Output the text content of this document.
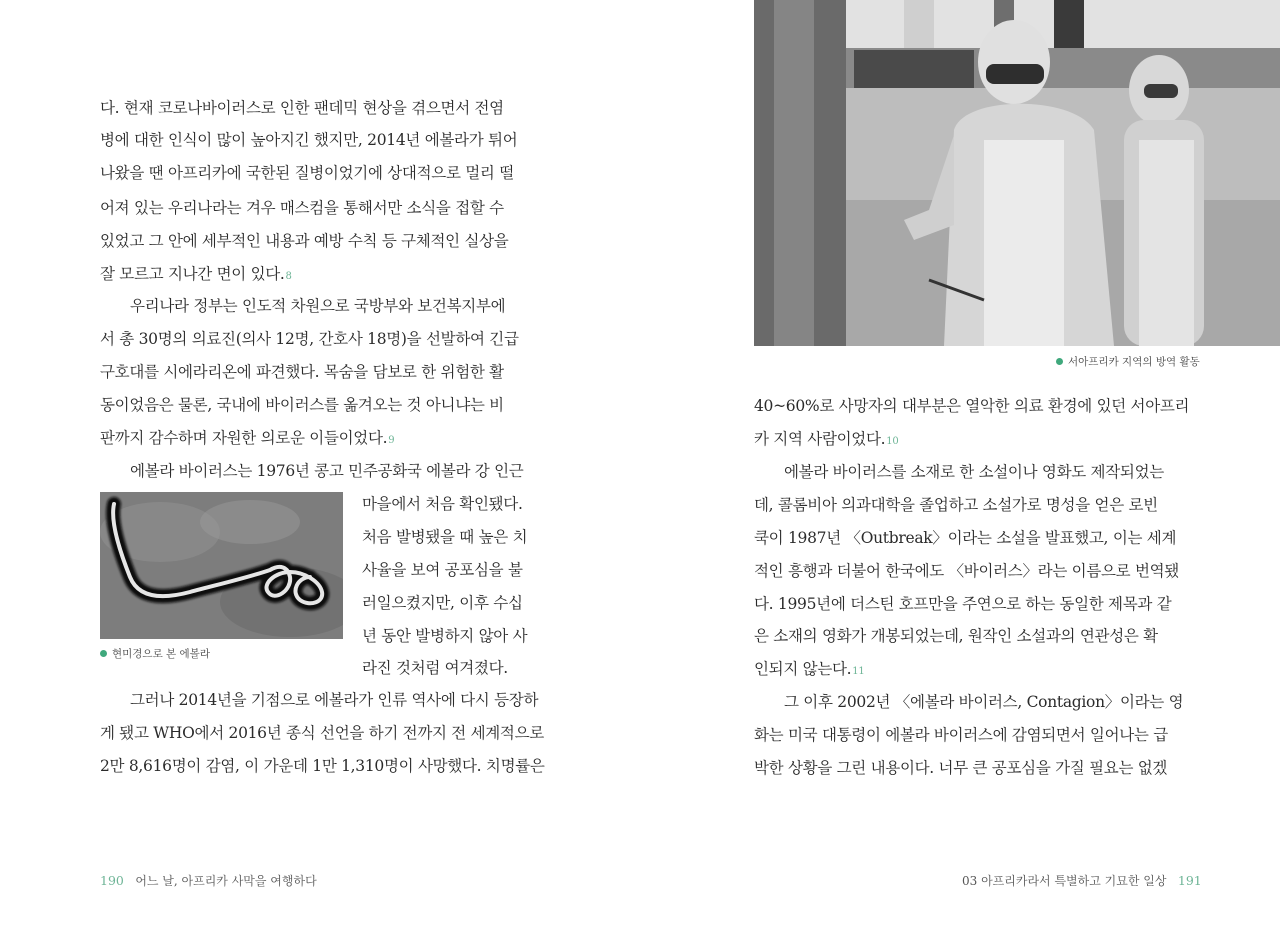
다. 현재 코로나바이러스로 인한 팬데믹 현상을 겪으면서 전염
병에 대한 인식이 많이 높아지긴 했지만, 2014년 에볼라가 튀어
나왔을 땐 아프리카에 국한된 질병이었기에 상대적으로 멀리 떨
어져 있는 우리나라는 겨우 매스컴을 통해서만 소식을 접할 수
있었고 그 안에 세부적인 내용과 예방 수칙 등 구체적인 실상을
잘 모르고 지나간 면이 있다.8
우리나라 정부는 인도적 차원으로 국방부와 보건복지부에
서 총 30명의 의료진(의사 12명, 간호사 18명)을 선발하여 긴급
구호대를 시에라리온에 파견했다. 목숨을 담보로 한 위험한 활
동이었음은 물론, 국내에 바이러스를 옮겨오는 것 아니냐는 비
판까지 감수하며 자원한 의로운 이들이었다.9
에볼라 바이러스는 1976년 콩고 민주공화국 에볼라 강 인근
현미경으로 본 에볼라
마을에서 처음 확인됐다.
처음 발병됐을 때 높은 치
사율을 보여 공포심을 불
러일으켰지만, 이후 수십
년 동안 발병하지 않아 사
라진 것처럼 여겨졌다.
그러나 2014년을 기점으로 에볼라가 인류 역사에 다시 등장하
게 됐고 WHO에서 2016년 종식 선언을 하기 전까지 전 세계적으로
2만 8,616명이 감염, 이 가운데 1만 1,310명이 사망했다. 치명률은
190 어느 날, 아프리카 사막을 여행하다
서아프리카 지역의 방역 활동
40~60%로 사망자의 대부분은 열악한 의료 환경에 있던 서아프리
카 지역 사람이었다.10
에볼라 바이러스를 소재로 한 소설이나 영화도 제작되었는
데, 콜롬비아 의과대학을 졸업하고 소설가로 명성을 얻은 로빈
쿡이 1987년 〈Outbreak〉이라는 소설을 발표했고, 이는 세계
적인 흥행과 더불어 한국에도 〈바이러스〉라는 이름으로 번역됐
다. 1995년에 더스틴 호프만을 주연으로 하는 동일한 제목과 같
은 소재의 영화가 개봉되었는데, 원작인 소설과의 연관성은 확
인되지 않는다.11
그 이후 2002년 〈에볼라 바이러스, Contagion〉이라는 영
화는 미국 대통령이 에볼라 바이러스에 감염되면서 일어나는 급
박한 상황을 그린 내용이다. 너무 큰 공포심을 가질 필요는 없겠
03 아프리카라서 특별하고 기묘한 일상 191
